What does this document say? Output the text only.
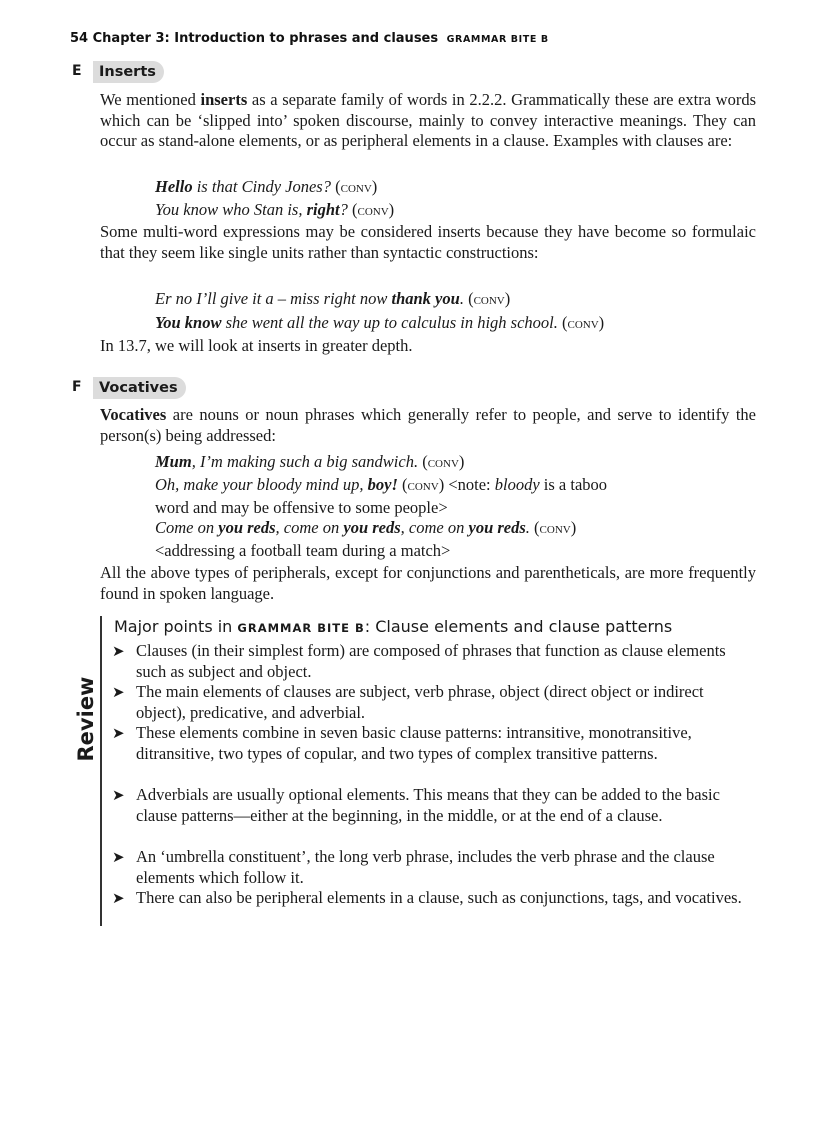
54 Chapter 3: Introduction to phrases and clauses GRAMMAR BITE B
E	Inserts
We mentioned inserts as a separate family of words in 2.2.2. Grammatically these are extra words which can be ‘slipped into’ spoken discourse, mainly to convey interactive meanings. They can occur as stand-alone elements, or as peripheral elements in a clause. Examples with clauses are:
Hello is that Cindy Jones? (conv)
You know who Stan is, right? (conv)
Some multi-word expressions may be considered inserts because they have become so formulaic that they seem like single units rather than syntactic constructions:
Er no I’ll give it a – miss right now thank you. (conv)
You know she went all the way up to calculus in high school. (conv)
In 13.7, we will look at inserts in greater depth.
F	Vocatives
Vocatives are nouns or noun phrases which generally refer to people, and serve to identify the person(s) being addressed:
Mum, I’m making such a big sandwich. (conv)
Oh, make your bloody mind up, boy! (conv) <note: bloody is a taboo
word and may be offensive to some people>
Come on you reds, come on you reds, come on you reds. (conv)
<addressing a football team during a match>
All the above types of peripherals, except for conjunctions and parentheticals, are more frequently found in spoken language.
Review
Major points in GRAMMAR BITE B: Clause elements and clause patterns
➤ Clauses (in their simplest form) are composed of phrases that function as clause elements such as subject and object.
➤ The main elements of clauses are subject, verb phrase, object (direct object or indirect object), predicative, and adverbial.
➤ These elements combine in seven basic clause patterns: intransitive, monotransitive, ditransitive, two types of copular, and two types of complex transitive patterns.
➤ Adverbials are usually optional elements. This means that they can be added to the basic clause patterns—either at the beginning, in the middle, or at the end of a clause.
➤ An ‘umbrella constituent’, the long verb phrase, includes the verb phrase and the clause elements which follow it.
➤ There can also be peripheral elements in a clause, such as conjunctions, tags, and vocatives.
